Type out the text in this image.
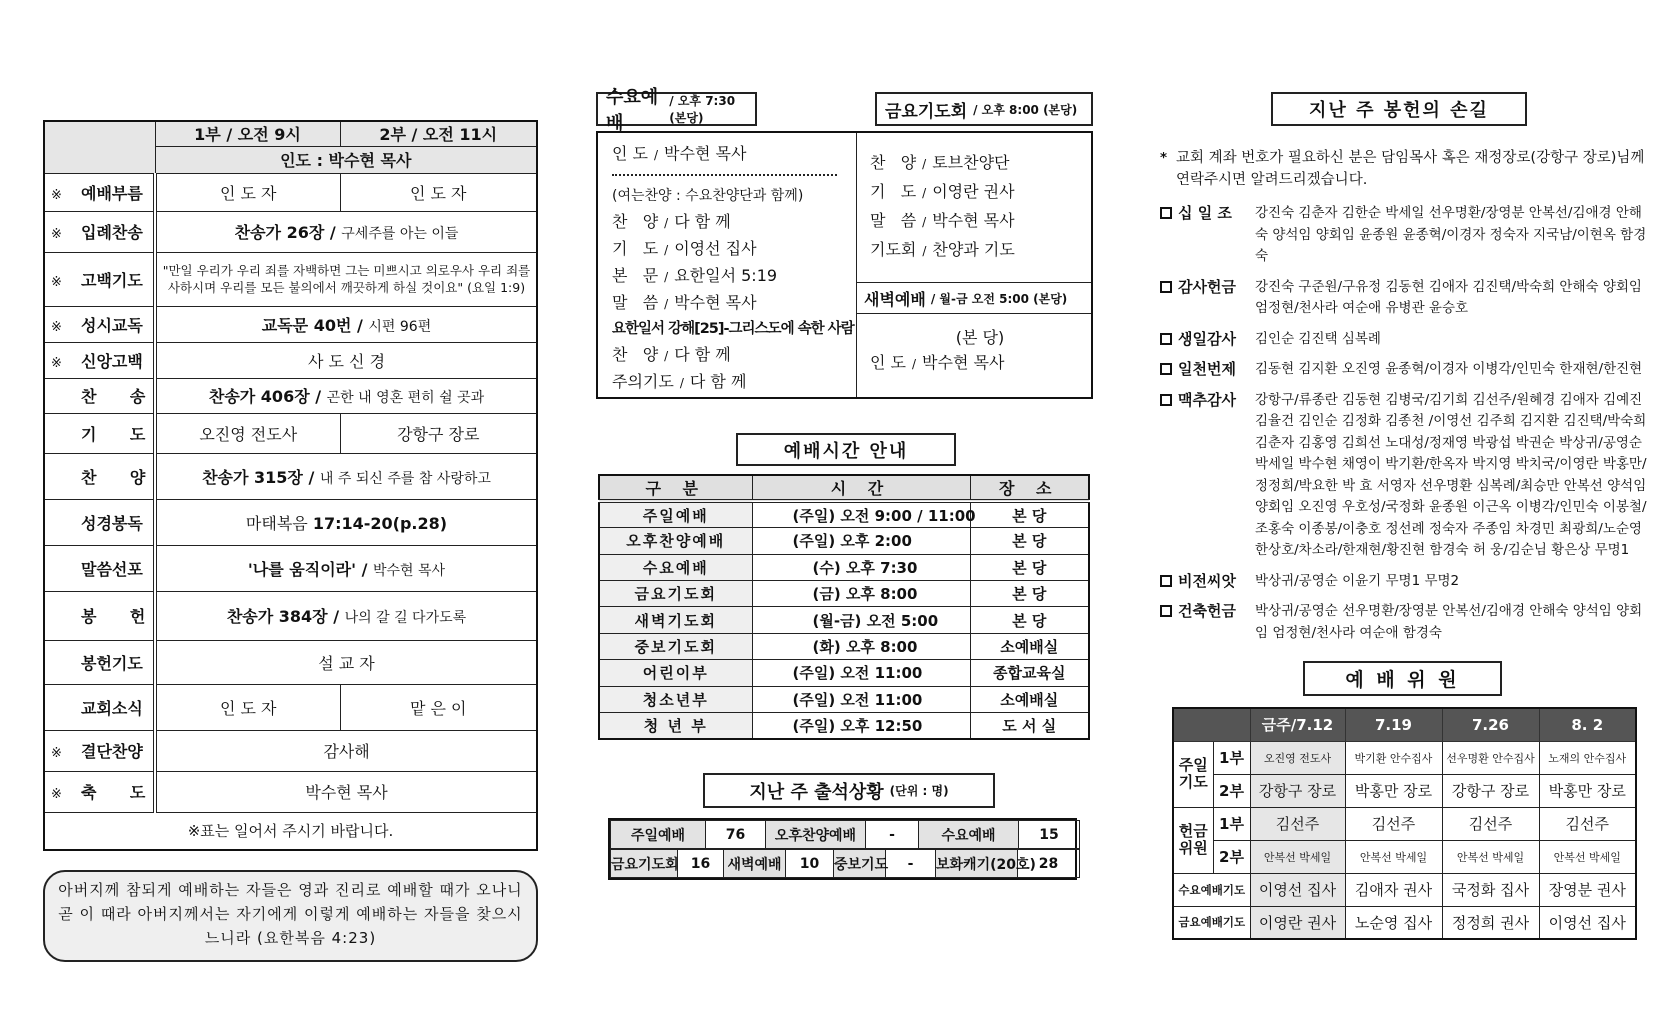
	1부 / 오전 9시	2부 / 오전 11시
	인도 : 박수현 목사	
※ 예배부름	인 도 자	인 도 자
※ 입례찬송	찬송가 26장 / 구세주를 아는 이들	
※ 고백기도	"만일 우리가 우리 죄를 자백하면 그는 미쁘시고 의로우사 우리 죄를 사하시며 우리를 모든 불의에서 깨끗하게 하실 것이요" (요일 1:9)	
※ 성시교독	교독문 40번 / 시편 96편	
※ 신앙고백	사 도 신 경	
찬      송	찬송가 406장 / 곤한 내 영혼 편히 쉴 곳과	
기      도	오진영 전도사	강항구 장로
찬      양	찬송가 315장 / 내 주 되신 주를 참 사랑하고	
성경봉독	마태복음 17:14-20(p.28)	
말씀선포	'나를 움직이라' / 박수현 목사	
봉      헌	찬송가 384장 / 나의 갈 길 다가도록	
봉헌기도	설 교 자	
교회소식	인 도 자	맡 은 이
※ 결단찬양	감사해	
※ 축      도	박수현 목사	
※표는 일어서 주시기 바랍니다.		
아버지께 참되게 예배하는 자들은 영과 진리로 예배할 때가 오나니 곧 이 때라 아버지께서는 자기에게 이렇게 예배하는 자들을 찾으시느니라 (요한복음 4:23)
수요예배
/ 오후 7:30 (본당)	금요기도회 / 오후 8:00 (본당)
인 도 / 박수현 목사
(여는찬양 : 수요찬양단과 함께)
찬   양 / 다 함 께
기   도 / 이영선 집사
본   문 / 요한일서 5:19
말   씀 / 박수현 목사
요한일서 강해[25]-그리스도에 속한 사람
찬   양 / 다 함 께
주의기도 / 다 함 께
찬   양 / 토브찬양단
기   도 / 이영란 권사
말   씀 / 박수현 목사
기도회 / 찬양과 기도
새벽예배 / 월-금 오전 5:00 (본당)
(본 당)
인 도 / 박수현 목사
예배시간 안내
구 분	시 간	장 소
주일예배	(주일) 오전 9:00 / 11:00	본 당
오후찬양예배	(주일) 오후 2:00	본 당
수요예배	(수) 오후 7:30	본 당
금요기도회	(금) 오후 8:00	본 당
새벽기도회	(월-금) 오전 5:00	본 당
중보기도회	(화) 오후 8:00	소예배실
어린이부	(주일) 오전 11:00	종합교육실
청소년부	(주일) 오전 11:00	소예배실
청 년 부	(주일) 오후 12:50	도 서 실
지난 주 출석상황 (단위 : 명)
주일예배	76	오후찬양예배	-	수요예배	15
금요기도회	16	새벽예배	10	중보기도	-	보화캐기(20호)	28
지난 주 봉헌의 손길
* 교회 계좌 번호가 필요하신 분은 담임목사 혹은 재정장로(강항구 장로)님께 연락주시면 알려드리겠습니다.
십 일 조	강진숙 김춘자 김한순 박세일 선우명환/장영분 안복선/김애경 안해숙 양석임 양회임 윤종원 윤종혁/이경자 정숙자 지국남/이현옥 함경숙
감사헌금	강진숙 구준원/구유정 김동현 김애자 김진택/박숙희 안해숙 양회임 엄정현/천사라 여순애 유병관 윤승호
생일감사	김인순 김진택 심복례
일천번제	김동현 김지환 오진영 윤종혁/이경자 이병각/인민숙 한재현/한진현
맥추감사	강항구/류종란 김동현 김병국/김기희 김선주/원혜경 김애자 김예진 김율건 김인순 김정화 김종천 /이영선 김주희 김지환 김진택/박숙희 김춘자 김홍영 김희선 노대성/정재영 박광섭 박권순 박상귀/공영순 박세일 박수현 채영이 박기환/한옥자 박지영 박치국/이영란 박홍만/정정희/박요한 박 효 서영자 선우명환 심복례/최승만 안복선 양석임 양회임 오진영 우호성/국정화 윤종원 이근옥 이병각/인민숙 이봉철/조홍숙 이종봉/이충호 정선례 정숙자 주종임 차경민 최광희/노순영 한상호/차소라/한재현/황진현 함경숙 허 웅/김순님 황은상 무명1
비전씨앗	박상귀/공영순 이윤기 무명1 무명2
건축헌금	박상귀/공영순 선우명환/장영분 안복선/김애경 안해숙 양석임 양회임 엄정현/천사라 여순애 함경숙
예 배 위 원
		금주/7.12	7.19	7.26	8. 2
주일기도	1부	오진영 전도사	박기환 안수집사	선우명환 안수집사	노재의 안수집사
	2부	강항구 장로	박홍만 장로	강항구 장로	박홍만 장로
헌금위원	1부	김선주	김선주	김선주	김선주
	2부	안복선 박세일	안복선 박세일	안복선 박세일	안복선 박세일
수요예배기도		이영선 집사	김애자 권사	국정화 집사	장영분 권사
금요예배기도		이영란 권사	노순영 집사	정정희 권사	이영선 집사
